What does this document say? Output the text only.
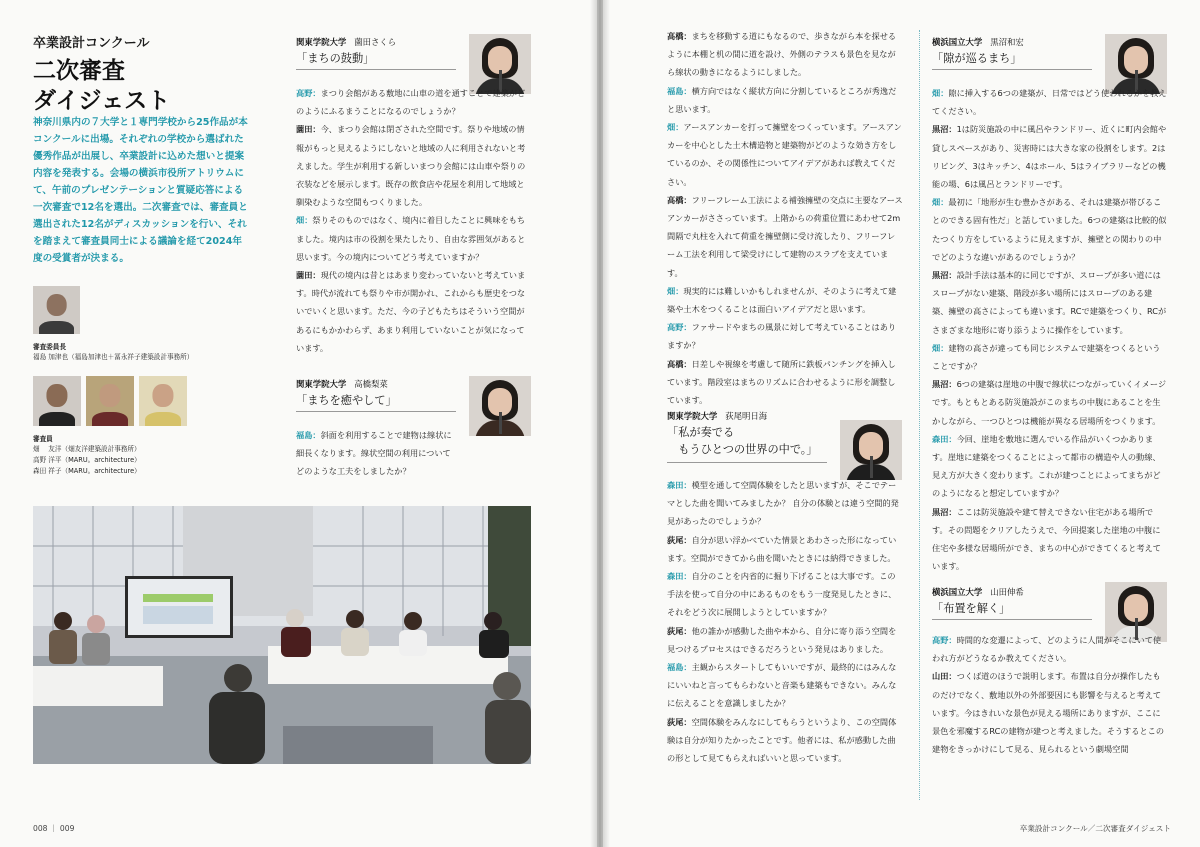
卒業設計コンクール
二次審査
ダイジェスト
神奈川県内の７大学と１専門学校から25作品が本コンクールに出場。それぞれの学校から選ばれた優秀作品が出展し、卒業設計に込めた想いと提案内容を発表する。会場の横浜市役所アトリウムにて、午前のプレゼンテーションと質疑応答による一次審査で12名を選出。二次審査では、審査員と選出された12名がディスカッションを行い、それを踏まえて審査員同士による議論を経て2024年度の受賞者が決まる。
審査委員長
福島 加津也（福島加津也＋冨永祥子建築設計事務所）
審査員
畑　 友洋（畑友洋建築設計事務所）
高野 洋平（MARU。architecture）
森田 祥子（MARU。architecture）
関東学院大学 薗田さくら
「まちの鼓動」

高野：まつり会館がある敷地に山車の道を通すことで建築がどのようにふるまうことになるのでしょうか？

薗田：今、まつり会館は閉ざされた空間です。祭りや地域の情報がもっと見えるようにしないと地域の人に利用されないと考えました。学生が利用する新しいまつり会館には山車や祭りの衣装などを展示します。既存の飲食店や花屋を利用して地域と馴染むような空間もつくりました。

畑：祭りそのものではなく、境内に着目したことに興味をもちました。境内は市の役割を果たしたり、自由な雰囲気があると思います。今の境内についてどう考えていますか？

薗田：現代の境内は昔とはあまり変わっていないと考えています。時代が流れても祭りや市が開かれ、これからも歴史をつないでいくと思います。ただ、今の子どもたちはそういう空間があるにもかかわらず、あまり利用していないことが気になっています。

関東学院大学 高橋梨菜
「まちを癒やして」

福島：斜面を利用することで建物は線状に細長くなります。線状空間の利用についてどのような工夫をしましたか？

008 ｜ 009

高橋：まちを移動する道にもなるので、歩きながら本を探せるように本棚と机の間に道を設け、外側のテラスも景色を見ながら線状の動きになるようにしました。

福島：横方向ではなく縦状方向に分割しているところが秀逸だと思います。

畑：アースアンカーを打って擁壁をつくっています。アースアンカーを中心とした土木構造物と建築物がどのような効き方をしているのか、その関係性についてアイデアがあれば教えてください。

高橋：フリーフレーム工法による補強擁壁の交点に主要なアースアンカーがささっています。上階からの荷重位置にあわせて2m間隔で丸柱を入れて荷重を擁壁側に受け流したり、フリーフレーム工法を利用して梁受けにして建物のスラブを支えています。

畑：現実的には難しいかもしれませんが、そのように考えて建築や土木をつくることは面白いアイデアだと思います。

高野：ファサードやまちの風景に対して考えていることはありますか？

高橋：日差しや視線を考慮して随所に鉄板パンチングを挿入しています。階段室はまちのリズムに合わせるように形を調整しています。

関東学院大学 荻尾明日海
「私が奏でる
　もうひとつの世界の中で。」

森田：模型を通して空間体験をしたと思いますが、そこでテーマとした曲を聞いてみましたか？ 自分の体験とは違う空間的発見があったのでしょうか？

荻尾：自分が思い浮かべていた情景とあわさった形になっています。空間ができてから曲を聞いたときには納得できました。

森田：自分のことを内省的に掘り下げることは大事です。この手法を使って自分の中にあるものをもう一度発見したときに、それをどう次に展開しようとしていますか？

荻尾：他の誰かが感動した曲や本から、自分に寄り添う空間を見つけるプロセスはできるだろうという発見はありました。

福島：主観からスタートしてもいいですが、最終的にはみんなにいいねと言ってもらわないと音楽も建築もできない。みんなに伝えることを意識しましたか？

荻尾：空間体験をみんなにしてもらうというより、この空間体験は自分が知りたかったことです。他者には、私が感動した曲の形として見てもらえればいいと思っています。

横浜国立大学 黒沼和宏
「隙が巡るまち」

畑：隙に挿入する6つの建築が、日常ではどう使われるかを教えてください。

黒沼：1は防災施設の中に風呂やランドリー、近くに町内会館や貸しスペースがあり、災害時には大きな家の役割をします。2はリビング、3はキッチン、4はホール、5はライブラリーなどの機能の場、6は風呂とランドリーです。

畑：最初に「地形が生む豊かさがある、それは建築が帯びることのできる固有性だ」と話していました。6つの建築は比較的似たつくり方をしているように見えますが、擁壁との関わりの中でどのような違いがあるのでしょうか？

黒沼：設計手法は基本的に同じですが、スロープが多い道にはスロープがない建築、階段が多い場所にはスロープのある建築、擁壁の高さによっても違います。RCで建築をつくり、RCがさまざまな地形に寄り添うように操作をしています。

畑：建物の高さが違っても同じシステムで建築をつくるということですか？

黒沼：6つの建築は崖地の中腹で線状につながっていくイメージです。もともとある防災施設がこのまちの中腹にあることを生かしながら、一つひとつは機能が異なる居場所をつくります。

森田：今回、崖地を敷地に選んでいる作品がいくつかあります。崖地に建築をつくることによって都市の構造や人の動線、見え方が大きく変わります。これが建つことによってまちがどのようになると想定していますか？

黒沼：ここは防災施設や建て替えできない住宅がある場所です。その問題をクリアしたうえで、今回提案した崖地の中腹に住宅や多様な居場所ができ、まちの中心ができてくると考えています。

横浜国立大学 山田伸希
「布置を解く」

高野：時間的な変遷によって、どのように人間がそこにいて使われ方がどうなるか教えてください。

山田：つくば道のほうで説明します。布置は自分が操作したものだけでなく、敷地以外の外部要因にも影響を与えると考えています。今はきれいな景色が見える場所にありますが、ここに景色を邪魔するRCの建物が建つと考えました。そうするとこの建物をきっかけにして見る、見られるという劇場空間

卒業設計コンクール／二次審査ダイジェスト
